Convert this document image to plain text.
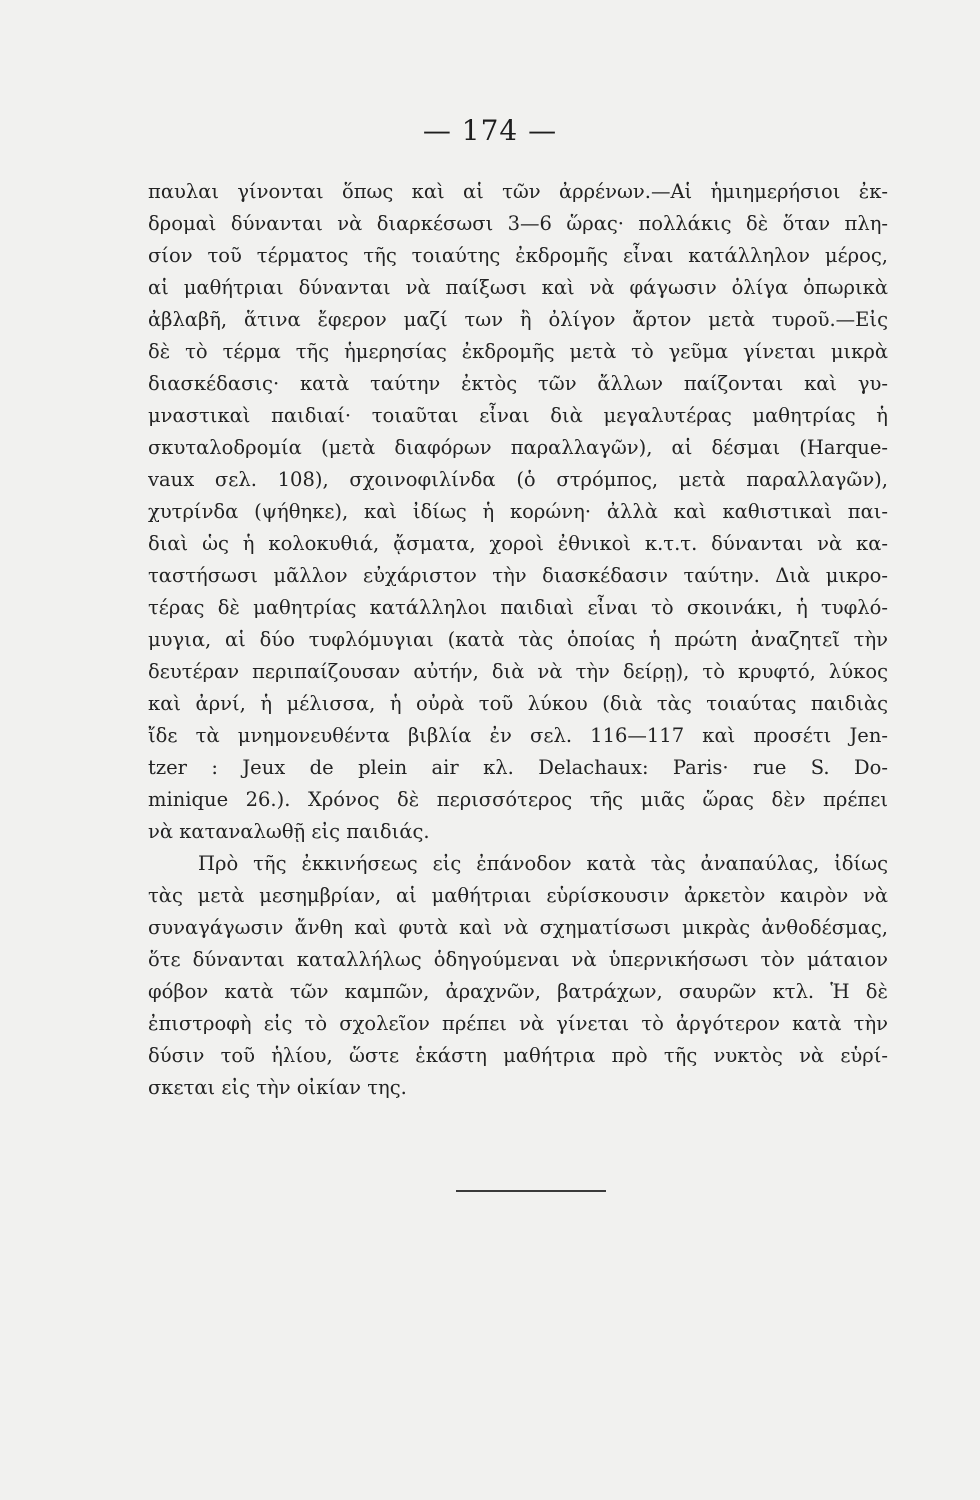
— 174 —
παυλαι γίνονται ὅπως καὶ αἱ τῶν ἀρρένων.—Αἱ ἡμιημερήσιοι ἐκ-
δρομαὶ δύνανται νὰ διαρκέσωσι 3—6 ὥρας· πολλάκις δὲ ὅταν πλη-
σίον τοῦ τέρματος τῆς τοιαύτης ἐκδρομῆς εἶναι κατάλληλον μέρος,
αἱ μαθήτριαι δύνανται νὰ παίξωσι καὶ νὰ φάγωσιν ὀλίγα ὀπωρικὰ
ἀβλαβῆ, ἅτινα ἔφερον μαζί των ἢ ὀλίγον ἄρτον μετὰ τυροῦ.—Εἰς
δὲ τὸ τέρμα τῆς ἡμερησίας ἐκδρομῆς μετὰ τὸ γεῦμα γίνεται μικρὰ
διασκέδασις· κατὰ ταύτην ἐκτὸς τῶν ἄλλων παίζονται καὶ γυ-
μναστικαὶ παιδιαί· τοιαῦται εἶναι διὰ μεγαλυτέρας μαθητρίας ἡ
σκυταλοδρομία (μετὰ διαφόρων παραλλαγῶν), αἱ δέσμαι (Harque-
vaux σελ. 108), σχοινοφιλίνδα (ὁ στρόμπος, μετὰ παραλλαγῶν),
χυτρίνδα (ψήθηκε), καὶ ἰδίως ἡ κορώνη· ἀλλὰ καὶ καθιστικαὶ παι-
διαὶ ὡς ἡ κολοκυθιά, ᾄσματα, χοροὶ ἐθνικοὶ κ.τ.τ. δύνανται νὰ κα-
ταστήσωσι μᾶλλον εὐχάριστον τὴν διασκέδασιν ταύτην. Διὰ μικρο-
τέρας δὲ μαθητρίας κατάλληλοι παιδιαὶ εἶναι τὸ σκοινάκι, ἡ τυφλό-
μυγια, αἱ δύο τυφλόμυγιαι (κατὰ τὰς ὁποίας ἡ πρώτη ἀναζητεῖ τὴν
δευτέραν περιπαίζουσαν αὐτήν, διὰ νὰ τὴν δείρῃ), τὸ κρυφτό, λύκος
καὶ ἀρνί, ἡ μέλισσα, ἡ οὐρὰ τοῦ λύκου (διὰ τὰς τοιαύτας παιδιὰς
ἴδε τὰ μνημονευθέντα βιβλία ἐν σελ. 116—117 καὶ προσέτι Jen-
tzer : Jeux de plein air κλ. Delachaux: Paris· rue S. Do-
minique 26.). Χρόνος δὲ περισσότερος τῆς μιᾶς ὥρας δὲν πρέπει
νὰ καταναλωθῇ εἰς παιδιάς.
Πρὸ τῆς ἐκκινήσεως εἰς ἐπάνοδον κατὰ τὰς ἀναπαύλας, ἰδίως
τὰς μετὰ μεσημβρίαν, αἱ μαθήτριαι εὑρίσκουσιν ἀρκετὸν καιρὸν νὰ
συναγάγωσιν ἄνθη καὶ φυτὰ καὶ νὰ σχηματίσωσι μικρὰς ἀνθοδέσμας,
ὅτε δύνανται καταλλήλως ὁδηγούμεναι νὰ ὑπερνικήσωσι τὸν μάταιον
φόβον κατὰ τῶν καμπῶν, ἀραχνῶν, βατράχων, σαυρῶν κτλ. Ἡ δὲ
ἐπιστροφὴ εἰς τὸ σχολεῖον πρέπει νὰ γίνεται τὸ ἀργότερον κατὰ τὴν
δύσιν τοῦ ἡλίου, ὥστε ἑκάστη μαθήτρια πρὸ τῆς νυκτὸς νὰ εὑρί-
σκεται εἰς τὴν οἰκίαν της.
